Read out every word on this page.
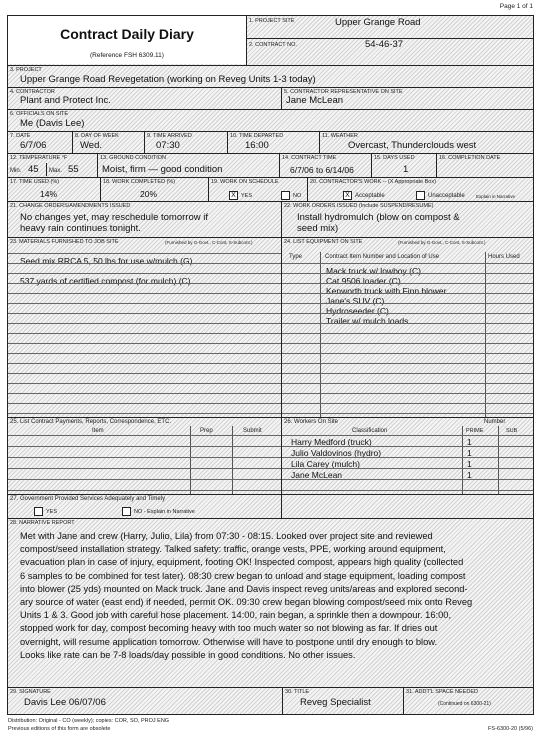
Page 1 of 1
Contract Daily Diary
(Reference FSH 6309.11)
1. PROJECT SITE	Upper Grange Road
2. CONTRACT NO.	54-46-37
3. PROJECT
Upper Grange Road Revegetation (working on Reveg Units 1-3 today)
4. CONTRACTOR
Plant and Protect Inc.
5. CONTRACTOR REPRESENTATIVE ON SITE
Jane McLean
6. OFFICIALS ON SITE
Me (Davis Lee)
7. DATE
6/7/06
8. DAY OF WEEK
Wed.
9. TIME ARRIVED
07:30
10. TIME DEPARTED
16:00
11. WEATHER
Overcast, Thunderclouds west
12. TEMPERATURE °F
Min. 45 Max. 55
13. GROUND CONDITION
Moist, firm — good condition
14. CONTRACT TIME
6/7/06 to 6/14/06
15. DAYS USED
1
16. COMPLETION DATE
17. TIME USED (%)
14%
18. WORK COMPLETED (%)
20%
19. WORK ON SCHEDULE
X YES	NO
20. CONTRACTOR'S WORK -- (X Appropriate Box)
X Acceptable	Unacceptable	Explain in Narrative
21. CHANGE ORDERS/AMENDMENTS ISSUED
No changes yet, may reschedule tomorrow if
heavy rain continues tonight.
22. WORK ORDERS ISSUED (Include SUSPEND/RESUME)
Install hydromulch (blow on compost &
seed mix)
23. MATERIALS FURNISHED TO JOB SITE	(Furnished by G-Govt., C-Cont, S-Subcont.)
Seed mix RRCA 5, 50 lbs for use w/mulch (G)
537 yards of certified compost (for mulch) (C)
24. LIST EQUIPMENT ON SITE	(Furnished by G-Govt., C-Cont, S-Subcont.)
Type	Contract Item Number and Location of Use	Hours Used
Mack truck w/ lowboy (C)
Cat 9506 loader (C)
Kenworth truck with Finn blower
Jane's SUV (C)
Hydroseeder (C)
Trailer w/ mulch loads
25. List Contract Payments, Reports, Correspondence, ETC.
Item	Prep	Submit
26. Workers On Site
Classification
Number
PRIME	SUB
Harry Medford (truck)	1
Julio Valdovinos (hydro)	1
Lila Carey (mulch)	1
Jane McLean	1
27. Government Provided Services Adequately and Timely
YES	NO - Explain in Narrative
28. NARRATIVE REPORT
Met with Jane and crew (Harry, Julio, Lila) from 07:30 - 08:15. Looked over project site and reviewed
compost/seed installation strategy. Talked safety: traffic, orange vests, PPE, working around equipment,
evacuation plan in case of injury, equipment, footing OK! Inspected compost, appears high quality (collected
6 samples to be combined for test later). 08:30 crew began to unload and stage equipment, loading compost
into blower (25 yds) mounted on Mack truck. Jane and Davis inspect reveg units/areas and explored second-
ary source of water (east end) if needed, permit OK. 09:30 crew began blowing compost/seed mix onto Reveg
Units 1 & 3. Good job with careful hose placement. 14:00, rain began, a sprinkle then a downpour. 16:00,
stopped work for day, compost becoming heavy with too much water so not blowing as far. If dries out
overnight, will resume application tomorrow. Otherwise will have to postpone until dry enough to blow.
Looks like rate can be 7-8 loads/day possible in good conditions. No other issues.
29. SIGNATURE
Davis Lee 06/07/06
30. TITLE
Reveg Specialist
31. ADDT'L SPACE NEEDED
(Continued on 6300-21)
Distribution: Original - CO (weekly); copies: COR, SO, PROJ ENG
Previous editions of this form are obsolete	FS-6300-20 (5/96)
